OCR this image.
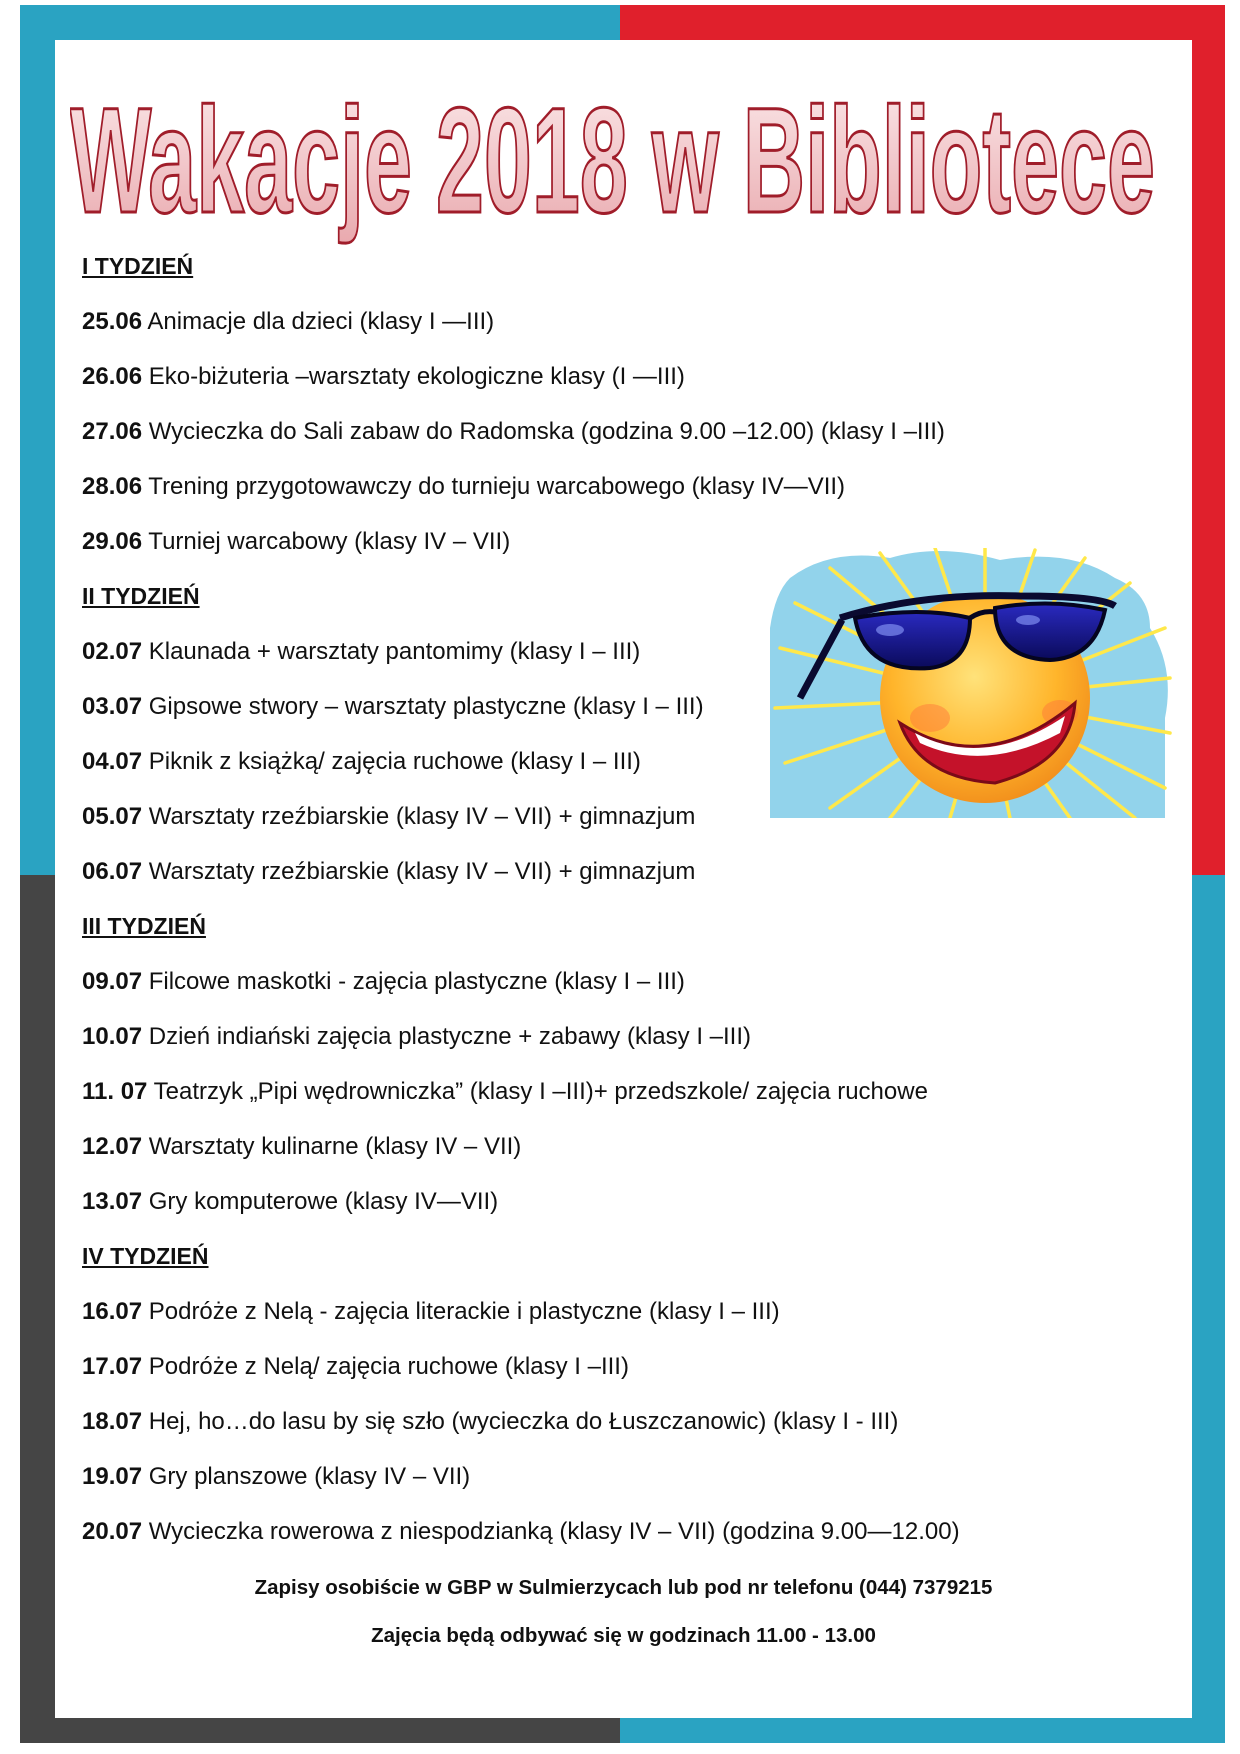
Wakacje 2018 w Bibliotece
I TYDZIEŃ
25.06 Animacje dla dzieci (klasy I —III)
26.06 Eko-biżuteria –warsztaty ekologiczne klasy (I —III)
27.06 Wycieczka do Sali zabaw do Radomska (godzina 9.00 –12.00) (klasy I –III)
28.06 Trening przygotowawczy do turnieju warcabowego (klasy IV—VII)
29.06 Turniej warcabowy (klasy IV – VII)
II TYDZIEŃ
02.07 Klaunada + warsztaty pantomimy (klasy I – III)
03.07 Gipsowe stwory – warsztaty plastyczne (klasy I – III)
04.07 Piknik z książką/ zajęcia ruchowe (klasy I – III)
05.07 Warsztaty rzeźbiarskie (klasy IV – VII) + gimnazjum
06.07 Warsztaty rzeźbiarskie (klasy IV – VII) + gimnazjum
III TYDZIEŃ
09.07 Filcowe maskotki - zajęcia plastyczne (klasy I – III)
10.07 Dzień indiański zajęcia plastyczne + zabawy (klasy I –III)
11. 07 Teatrzyk „Pipi wędrowniczka” (klasy I –III)+ przedszkole/ zajęcia ruchowe
12.07 Warsztaty kulinarne (klasy IV – VII)
13.07 Gry komputerowe (klasy IV—VII)
IV TYDZIEŃ
16.07 Podróże z Nelą - zajęcia literackie i plastyczne (klasy I – III)
17.07 Podróże z Nelą/ zajęcia ruchowe (klasy I –III)
18.07 Hej, ho…do lasu by się szło (wycieczka do Łuszczanowic) (klasy I - III)
19.07 Gry planszowe (klasy IV – VII)
20.07 Wycieczka rowerowa z niespodzianką (klasy IV – VII) (godzina 9.00—12.00)
Zapisy osobiście w GBP w Sulmierzycach lub pod nr telefonu (044) 7379215
Zajęcia będą odbywać się w godzinach 11.00 - 13.00
